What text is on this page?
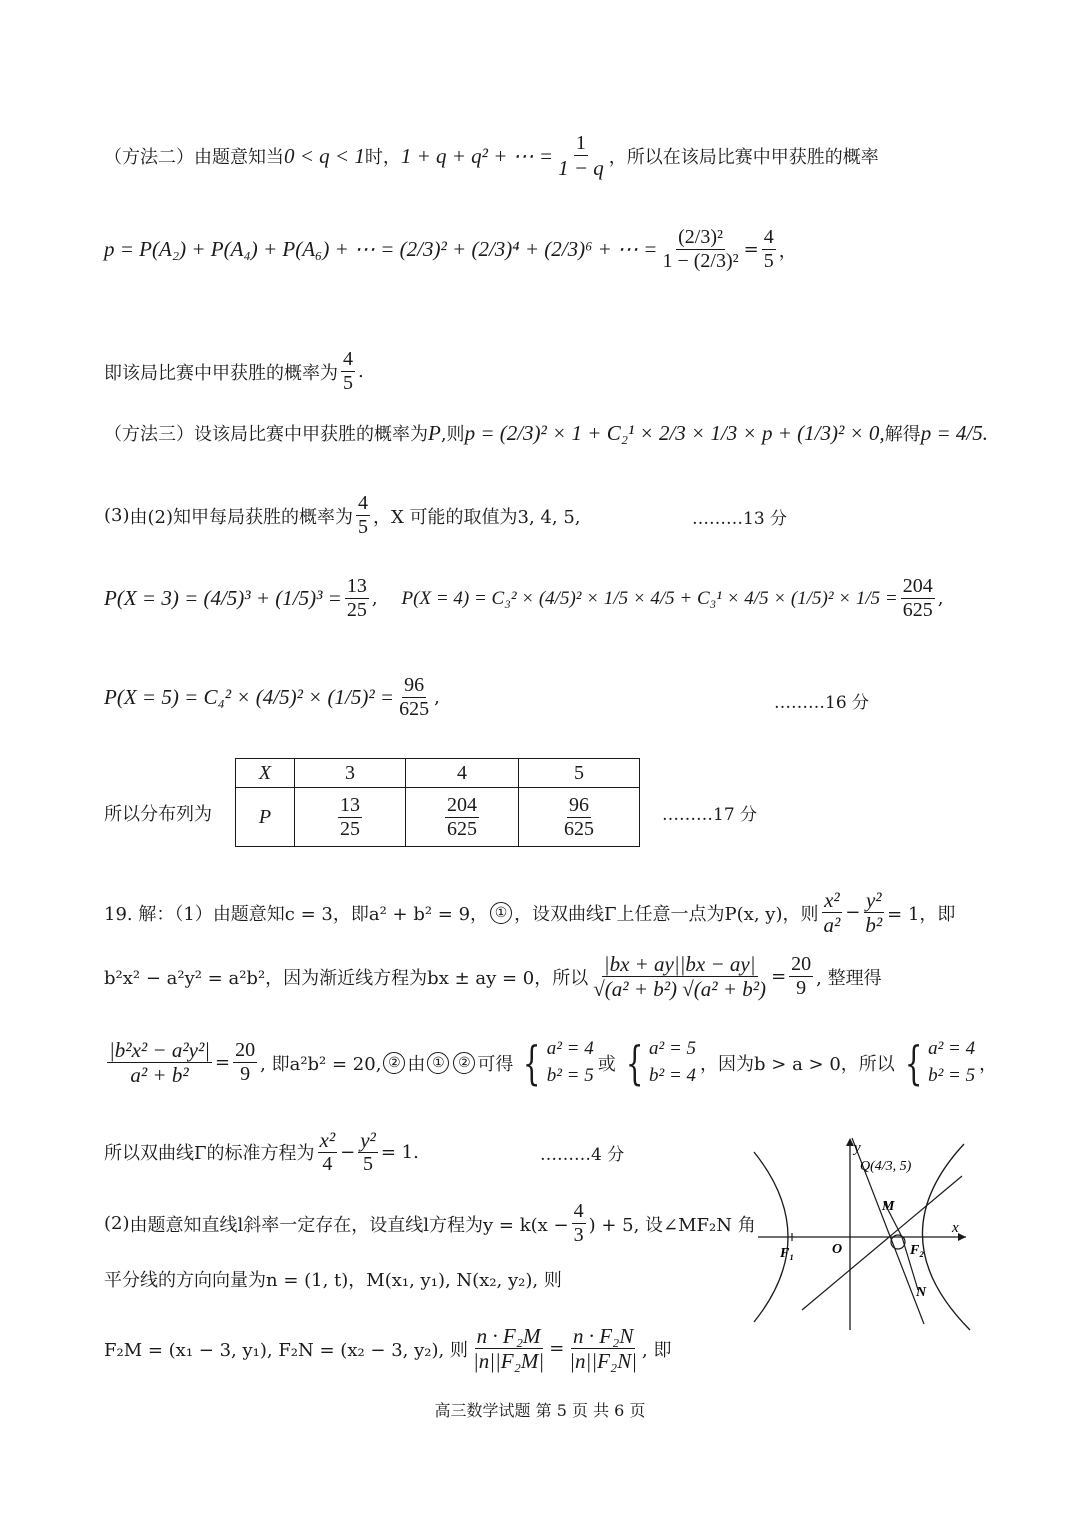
（方法二） 由题意知当 0 < q < 1 时， 1 + q + q² + ⋯ = $\frac{1}{1 - q}$ ，所以在该局比赛中甲获胜的概率
p = P(A₂) + P(A₄) + P(A₆) + ⋯ = (2/3)² + (2/3)⁴ + (2/3)⁶ + ⋯ = $\frac{\text{(2/3)²}}{\text{1 − (2/3)²}} = \frac{4}{5}$ ，
即该局比赛中甲获胜的概率为 $\frac{4}{5}$ .
（方法三） 设该局比赛中甲获胜的概率为 P ,则 p = (2/3)² × 1 + C₂¹ × 2/3 × 1/3 × p + (1/3)² × 0, 解得 p = 4/5.
(3) 由(2)知甲每局获胜的概率为 $\frac{4}{5}$ ，X 可能的取值为3, 4, 5,	………13 分
$P(X = 3) = (4/5)^3 + (1/5)^3 = \frac{13}{25}$ , $P(X = 4) = C_3^2 \times (4/5)^2 \times 1/5 \times 4/5 + C_3^1 \times 4/5 \times (1/5)^2 \times 1/5 = \frac{204}{625}$ ,
$P(X = 5) = C_4^2 \times (4/5)^2 \times (1/5)^2 = \frac{96}{625}$ ,	………16 分
所以分布列为
X	3	4	5
P	$\frac{13}{25}$	$\frac{204}{625}$	$\frac{96}{625}$	………17 分
19. 解：（1） 由题意知c = 3，即a² + b² = 9， ① ，设双曲线Γ上任意一点为P(x, y)，则 $\frac{\text{x²}}{\text{a²}} - \frac{\text{y²}}{\text{b²}} = 1$，即
b²x² − a²y² = a²b²，因为渐近线方程为bx ± ay = 0，所以 $\frac{|bx + ay||bx - ay|}{\text{√(a² + b²) √(a² + b²)}} = \frac{20}{9}$ , 整理得
$\frac{\text{|b²x² − a²y²|}}{\text{a² + b²}} = \frac{20}{9}$ , 即a²b² = 20, ② 由 ① ② 可得 { a² = 4
b² = 5
或 { a² = 5
b² = 4
，因为b > a > 0，所以 { a² = 4
b² = 5
，
所以双曲线Γ的标准方程为 $\frac{\text{x²}}{4} - \frac{\text{y²}}{5} = 1$.	………4 分
(2) 由题意知直线l斜率一定存在，设直线l方程为$y = k(x - \frac{4}{3}$ ) + 5, 设∠MF₂N 角
平分线的方向向量为n = (1, t)，M(x₁, y₁), N(x₂, y₂), 则
F₂M = (x₁ − 3, y₁), F₂N = (x₂ − 3, y₂), 则 $\frac{\text{n · F₂M}}{\text{|n||F₂M|}} = \frac{\text{n · F₂N}}{\text{|n||F₂N|}}$ , 即
y
x
Q(4/3, 5)
M
N
O
F₁	F₂
高三数学试题 第 5 页 共 6 页
